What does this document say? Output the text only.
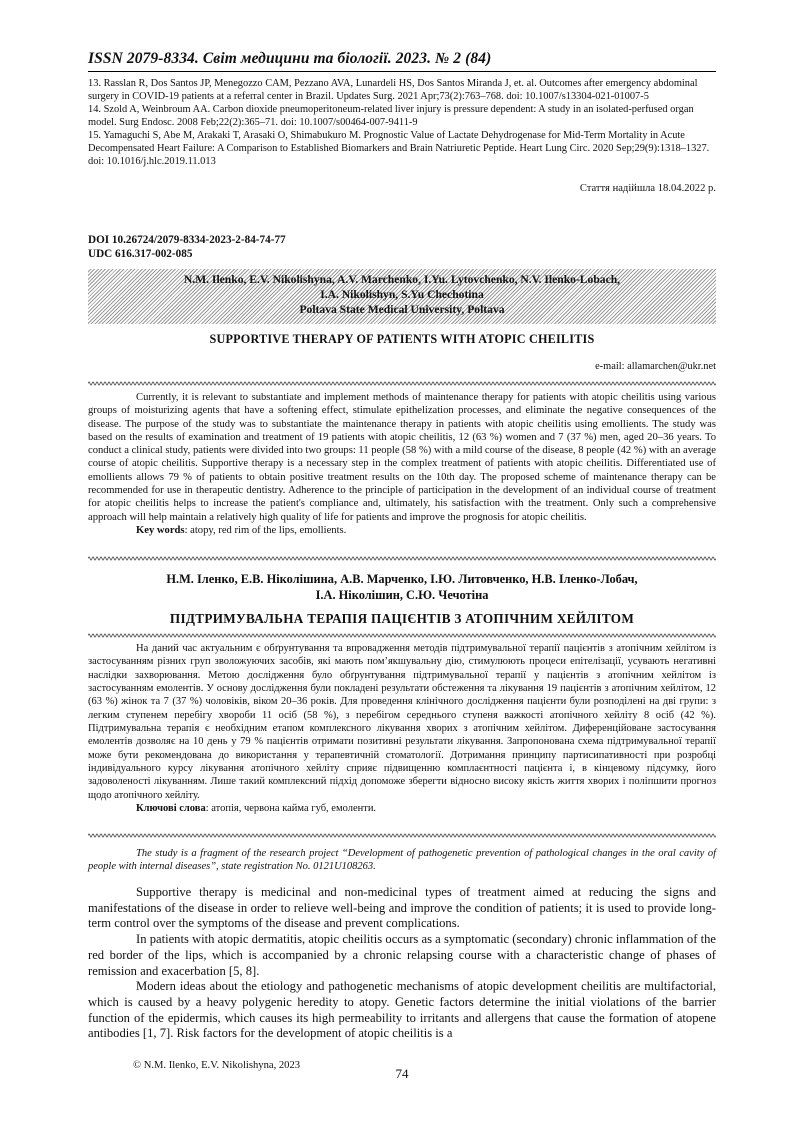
ISSN 2079-8334. Світ медицини та біології. 2023. № 2 (84)

13. Rasslan R, Dos Santos JP, Menegozzo CAM, Pezzano AVA, Lunardeli HS, Dos Santos Miranda J, et. al. Outcomes after emergency abdominal surgery in COVID-19 patients at a referral center in Brazil. Updates Surg. 2021 Apr;73(2):763–768. doi: 10.1007/s13304-021-01007-5

14. Szold A, Weinbroum AA. Carbon dioxide pneumoperitoneum-related liver injury is pressure dependent: A study in an isolated-perfused organ model. Surg Endosc. 2008 Feb;22(2):365–71. doi: 10.1007/s00464-007-9411-9

15. Yamaguchi S, Abe M, Arakaki T, Arasaki O, Shimabukuro M. Prognostic Value of Lactate Dehydrogenase for Mid-Term Mortality in Acute Decompensated Heart Failure: A Comparison to Established Biomarkers and Brain Natriuretic Peptide. Heart Lung Circ. 2020 Sep;29(9):1318–1327. doi: 10.1016/j.hlc.2019.11.013

Стаття надійшла 18.04.2022 р.
DOI 10.26724/2079-8334-2023-2-84-74-77
UDC 616.317-002-085
N.M. Ilenko, E.V. Nikolishyna, A.V. Marchenko, I.Yu. Lytovchenko, N.V. Ilenko-Lobach,
I.A. Nikolishyn, S.Yu Chechotina
Poltava State Medical University, Poltava
SUPPORTIVE THERAPY OF PATIENTS WITH ATOPIC CHEILITIS
e-mail: allamarchen@ukr.net

Currently, it is relevant to substantiate and implement methods of maintenance therapy for patients with atopic cheilitis using various groups of moisturizing agents that have a softening effect, stimulate epithelization processes, and eliminate the negative consequences of the disease. The purpose of the study was to substantiate the maintenance therapy in patients with atopic cheilitis using emollients. The study was based on the results of examination and treatment of 19 patients with atopic cheilitis, 12 (63 %) women and 7 (37 %) men, aged 20–36 years. To conduct a clinical study, patients were divided into two groups: 11 people (58 %) with a mild course of the disease, 8 people (42 %) with an average course of atopic cheilitis. Supportive therapy is a necessary step in the complex treatment of patients with atopic cheilitis. Differentiated use of emollients allows 79 % of patients to obtain positive treatment results on the 10th day. The proposed scheme of maintenance therapy can be recommended for use in therapeutic dentistry. Adherence to the principle of participation in the development of an individual course of treatment for atopic cheilitis helps to increase the patient's compliance and, ultimately, his satisfaction with the treatment. Only such a comprehensive approach will help maintain a relatively high quality of life for patients and improve the prognosis for atopic cheilitis.

Key words: atopy, red rim of the lips, emollients.

Н.М. Іленко, Е.В. Ніколішина, А.В. Марченко, І.Ю. Литовченко, Н.В. Іленко-Лобач,
І.А. Ніколішин, С.Ю. Чечотіна
ПІДТРИМУВАЛЬНА ТЕРАПІЯ ПАЦІЄНТІВ З АТОПІЧНИМ ХЕЙЛІТОМ

На даний час актуальним є обґрунтування та впровадження методів підтримувальної терапії пацієнтів з атопічним хейлітом із застосуванням різних груп зволожуючих засобів, які мають пом’якшувальну дію, стимулюють процеси епітелізації, усувають негативні наслідки захворювання. Метою дослідження було обґрунтування підтримувальної терапії у пацієнтів з атопічним хейлітом із застосуванням емолентів. У основу дослідження були покладені результати обстеження та лікування 19 пацієнтів з атопічним хейлітом, 12 (63 %) жінок та 7 (37 %) чоловіків, віком 20–36 років. Для проведення клінічного дослідження пацієнти були розподілені на дві групи: з легким ступенем перебігу хвороби 11 осіб (58 %), з перебігом середнього ступеня важкості атопічного хейліту 8 осіб (42 %). Підтримувальна терапія є необхідним етапом комплексного лікування хворих з атопічним хейлітом. Диференційоване застосування емолентів дозволяє на 10 день у 79 % пацієнтів отримати позитивні результати лікування. Запропонована схема підтримувальної терапії може бути рекомендована до використання у терапевтичній стоматології. Дотримання принципу партисипативності при розробці індивідуального курсу лікування атопічного хейліту сприяє підвищенню комплаєнтності пацієнта і, в кінцевому підсумку, його задоволеності лікуванням. Лише такий комплексний підхід допоможе зберегти відносно високу якість життя хворих і поліпшити прогноз щодо атопічного хейліту.

Ключові слова: атопія, червона кайма губ, емоленти.

The study is a fragment of the research project “Development of pathogenetic prevention of pathological changes in the oral cavity of people with internal diseases”, state registration No. 0121U108263.

Supportive therapy is medicinal and non-medicinal types of treatment aimed at reducing the signs and manifestations of the disease in order to relieve well-being and improve the condition of patients; it is used to provide long-term control over the symptoms of the disease and prevent complications.

In patients with atopic dermatitis, atopic cheilitis occurs as a symptomatic (secondary) chronic inflammation of the red border of the lips, which is accompanied by a chronic relapsing course with a characteristic change of phases of remission and exacerbation [5, 8].

Modern ideas about the etiology and pathogenetic mechanisms of atopic development cheilitis are multifactorial, which is caused by a heavy polygenic heredity to atopy. Genetic factors determine the initial violations of the barrier function of the epidermis, which causes its high permeability to irritants and allergens that cause the formation of atopene antibodies [1, 7]. Risk factors for the development of atopic cheilitis is a

© N.M. Ilenko, E.V. Nikolishyna, 2023
74
